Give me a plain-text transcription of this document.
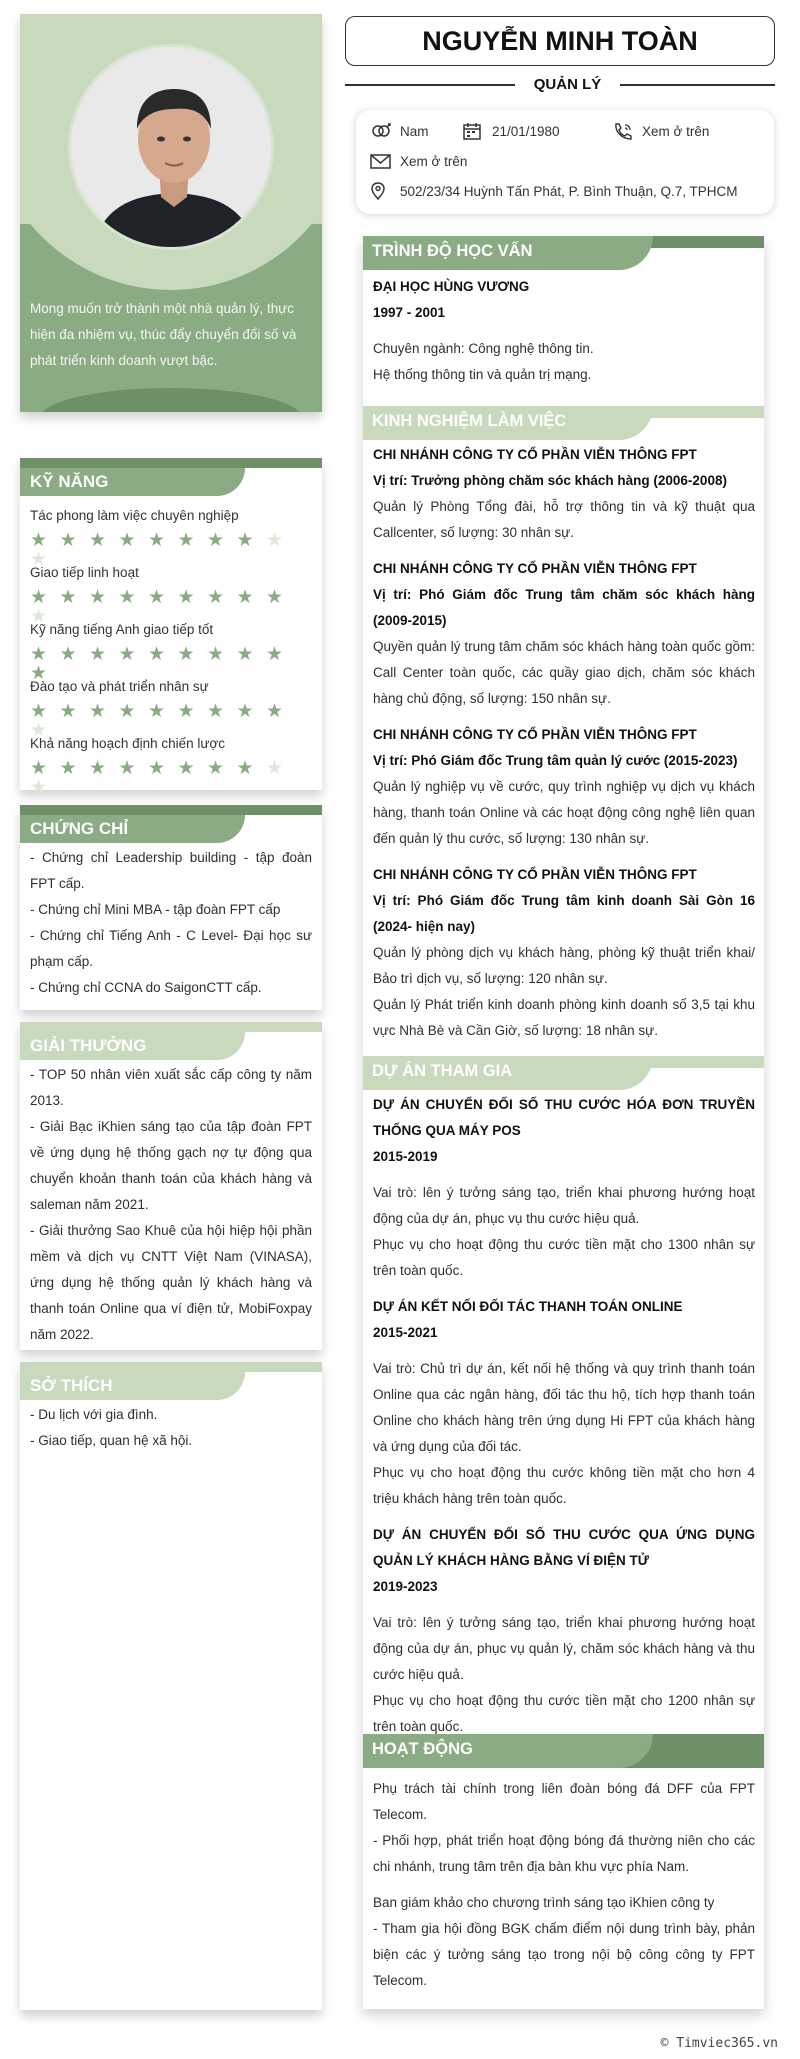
Mong muốn trở thành một nhà quản lý, thực hiện đa nhiệm vụ, thúc đẩy chuyển đổi số và phát triển kinh doanh vượt bậc.
KỸ NĂNG
Tác phong làm việc chuyên nghiệp
★ ★ ★ ★ ★ ★ ★ ★ ★★
Giao tiếp linh hoạt
★ ★ ★ ★ ★ ★ ★ ★ ★★
Kỹ năng tiếng Anh giao tiếp tốt
★ ★ ★ ★ ★ ★ ★ ★ ★★
Đào tạo và phát triển nhân sự
★ ★ ★ ★ ★ ★ ★ ★ ★★
Khả năng hoạch định chiến lược
★ ★ ★ ★ ★ ★ ★ ★ ★★
CHỨNG CHỈ
- Chứng chỉ Leadership building - tập đoàn FPT cấp.
- Chứng chỉ Mini MBA - tập đoàn FPT cấp
- Chứng chỉ Tiếng Anh - C Level- Đại học sư phạm cấp.
- Chứng chỉ CCNA do SaigonCTT cấp.
GIẢI THƯỞNG
- TOP 50 nhân viên xuất sắc cấp công ty năm 2013.
- Giải Bạc iKhien sáng tạo của tập đoàn FPT về ứng dụng hệ thống gạch nợ tự động qua chuyển khoản thanh toán của khách hàng và saleman năm 2021.
- Giải thưởng Sao Khuê của hội hiệp hội phần mềm và dịch vụ CNTT Việt Nam (VINASA), ứng dụng hệ thống quản lý khách hàng và thanh toán Online qua ví điện tử, MobiFoxpay năm 2022.
SỞ THÍCH
- Du lịch với gia đình.
- Giao tiếp, quan hệ xã hội.
NGUYỄN MINH TOÀN
QUẢN LÝ
Nam	21/01/1980	Xem ở trên
Xem ở trên
502/23/34 Huỳnh Tấn Phát, P. Bình Thuận, Q.7, TPHCM
TRÌNH ĐỘ HỌC VẤN
ĐẠI HỌC HÙNG VƯƠNG
1997 - 2001
Chuyên ngành: Công nghệ thông tin.
Hệ thống thông tin và quản trị mạng.
KINH NGHIỆM LÀM VIỆC
CHI NHÁNH CÔNG TY CỔ PHẦN VIỄN THÔNG FPT
Vị trí: Trưởng phòng chăm sóc khách hàng (2006-2008)
Quản lý Phòng Tổng đài, hỗ trợ thông tin và kỹ thuật qua Callcenter, số lượng: 30 nhân sự.
CHI NHÁNH CÔNG TY CỔ PHẦN VIỄN THÔNG FPT
Vị trí: Phó Giám đốc Trung tâm chăm sóc khách hàng (2009-2015)
Quyền quản lý trung tâm chăm sóc khách hàng toàn quốc gồm: Call Center toàn quốc, các quầy giao dịch, chăm sóc khách hàng chủ động, số lượng: 150 nhân sự.
CHI NHÁNH CÔNG TY CỔ PHẦN VIỄN THÔNG FPT
Vị trí: Phó Giám đốc Trung tâm quản lý cước (2015-2023)
Quản lý nghiệp vụ về cước, quy trình nghiệp vụ dịch vụ khách hàng, thanh toán Online và các hoạt động công nghệ liên quan đến quản lý thu cước, số lượng: 130 nhân sự.
CHI NHÁNH CÔNG TY CỔ PHẦN VIỄN THÔNG FPT
Vị trí: Phó Giám đốc Trung tâm kinh doanh Sài Gòn 16 (2024- hiện nay)
Quản lý phòng dịch vụ khách hàng, phòng kỹ thuật triển khai/ Bảo trì dịch vụ, số lượng: 120 nhân sự.
Quản lý Phát triển kinh doanh phòng kinh doanh số 3,5 tại khu vực Nhà Bè và Cần Giờ, số lượng: 18 nhân sự.
DỰ ÁN THAM GIA
DỰ ÁN CHUYỂN ĐỔI SỐ THU CƯỚC HÓA ĐƠN TRUYỀN THỐNG QUA MÁY POS
2015-2019
Vai trò: lên ý tưởng sáng tạo, triển khai phương hướng hoạt động của dự án, phục vụ thu cước hiệu quả.
Phục vụ cho hoạt động thu cước tiền mặt cho 1300 nhân sự trên toàn quốc.
DỰ ÁN KẾT NỐI ĐỐI TÁC THANH TOÁN ONLINE
2015-2021
Vai trò: Chủ trì dự án, kết nối hệ thống và quy trình thanh toán Online qua các ngân hàng, đối tác thu hộ, tích hợp thanh toán Online cho khách hàng trên ứng dụng Hi FPT của khách hàng và ứng dụng của đối tác.
Phục vụ cho hoạt động thu cước không tiền mặt cho hơn 4 triệu khách hàng trên toàn quốc.
DỰ ÁN CHUYỂN ĐỔI SỐ THU CƯỚC QUA ỨNG DỤNG QUẢN LÝ KHÁCH HÀNG BẰNG VÍ ĐIỆN TỬ
2019-2023
Vai trò: lên ý tưởng sáng tạo, triển khai phương hướng hoạt động của dự án, phục vụ quản lý, chăm sóc khách hàng và thu cước hiệu quả.
Phục vụ cho hoạt động thu cước tiền mặt cho 1200 nhân sự trên toàn quốc.
HOẠT ĐỘNG
Phụ trách tài chính trong liên đoàn bóng đá DFF của FPT Telecom.
- Phối hợp, phát triển hoạt động bóng đá thường niên cho các chi nhánh, trung tâm trên địa bàn khu vực phía Nam.
Ban giám khảo cho chương trình sáng tạo iKhien công ty
- Tham gia hội đồng BGK chấm điểm nội dung trình bày, phản biện các ý tưởng sáng tạo trong nội bộ công công ty FPT Telecom.
© Timviec365.vn
